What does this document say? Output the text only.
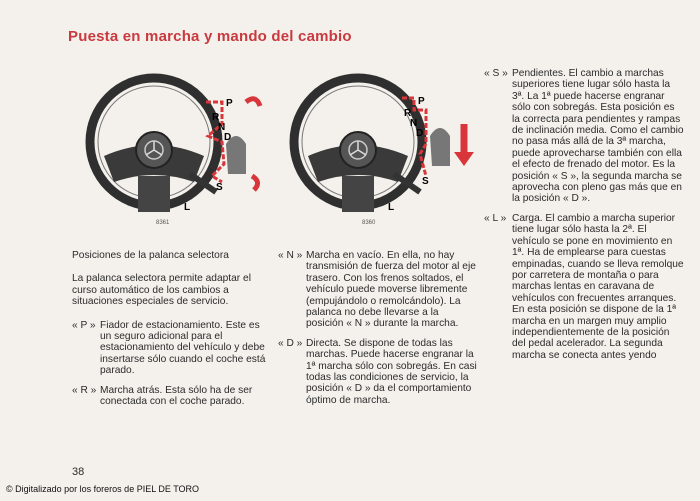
Puesta en marcha y mando del cambio
P
R
N
D
S
L
8361
P
R
N
D
S
L
8360

Posiciones de la palanca selectora

La palanca selectora permite adaptar el curso automático de los cambios a situaciones especiales de servicio.

« P » Fiador de estacionamiento. Este es un seguro adicional para el estacionamiento del vehículo y debe insertarse sólo cuando el coche está parado.
« R » Marcha atrás. Esta sólo ha de ser conectada con el coche parado.
« N » Marcha en vacío. En ella, no hay transmisión de fuerza del motor al eje trasero. Con los frenos soltados, el vehículo puede moverse libremente (empujándolo o remolcándolo). La palanca no debe llevarse a la posición « N » durante la marcha.
« D » Directa. Se dispone de todas las marchas. Puede hacerse engranar la 1ª marcha sólo con sobregás. En casi todas las condiciones de servicio, la posición « D » da el comportamiento óptimo de marcha.
« S » Pendientes. El cambio a marchas superiores tiene lugar sólo hasta la 3ª. La 1ª puede hacerse engranar sólo con sobregás. Esta posición es la correcta para pendientes y rampas de inclinación media. Como el cambio no pasa más allá de la 3ª marcha, puede aprovecharse también con ella el efecto de frenado del motor. Es la posición « S », la segunda marcha se aprovecha con pleno gas más que en la posición « D ».
« L » Carga. El cambio a marcha superior tiene lugar sólo hasta la 2ª. El vehículo se pone en movimiento en 1ª. Ha de emplearse para cuestas empinadas, cuando se lleva remolque por carretera de montaña o para marchas lentas en caravana de vehículos con frecuentes arranques. En esta posición se dispone de la 1ª marcha en un margen muy amplio independientemente de la posición del pedal acelerador. La segunda marcha se conecta antes yendo
38
© Digitalizado por los foreros de PIEL DE TORO
